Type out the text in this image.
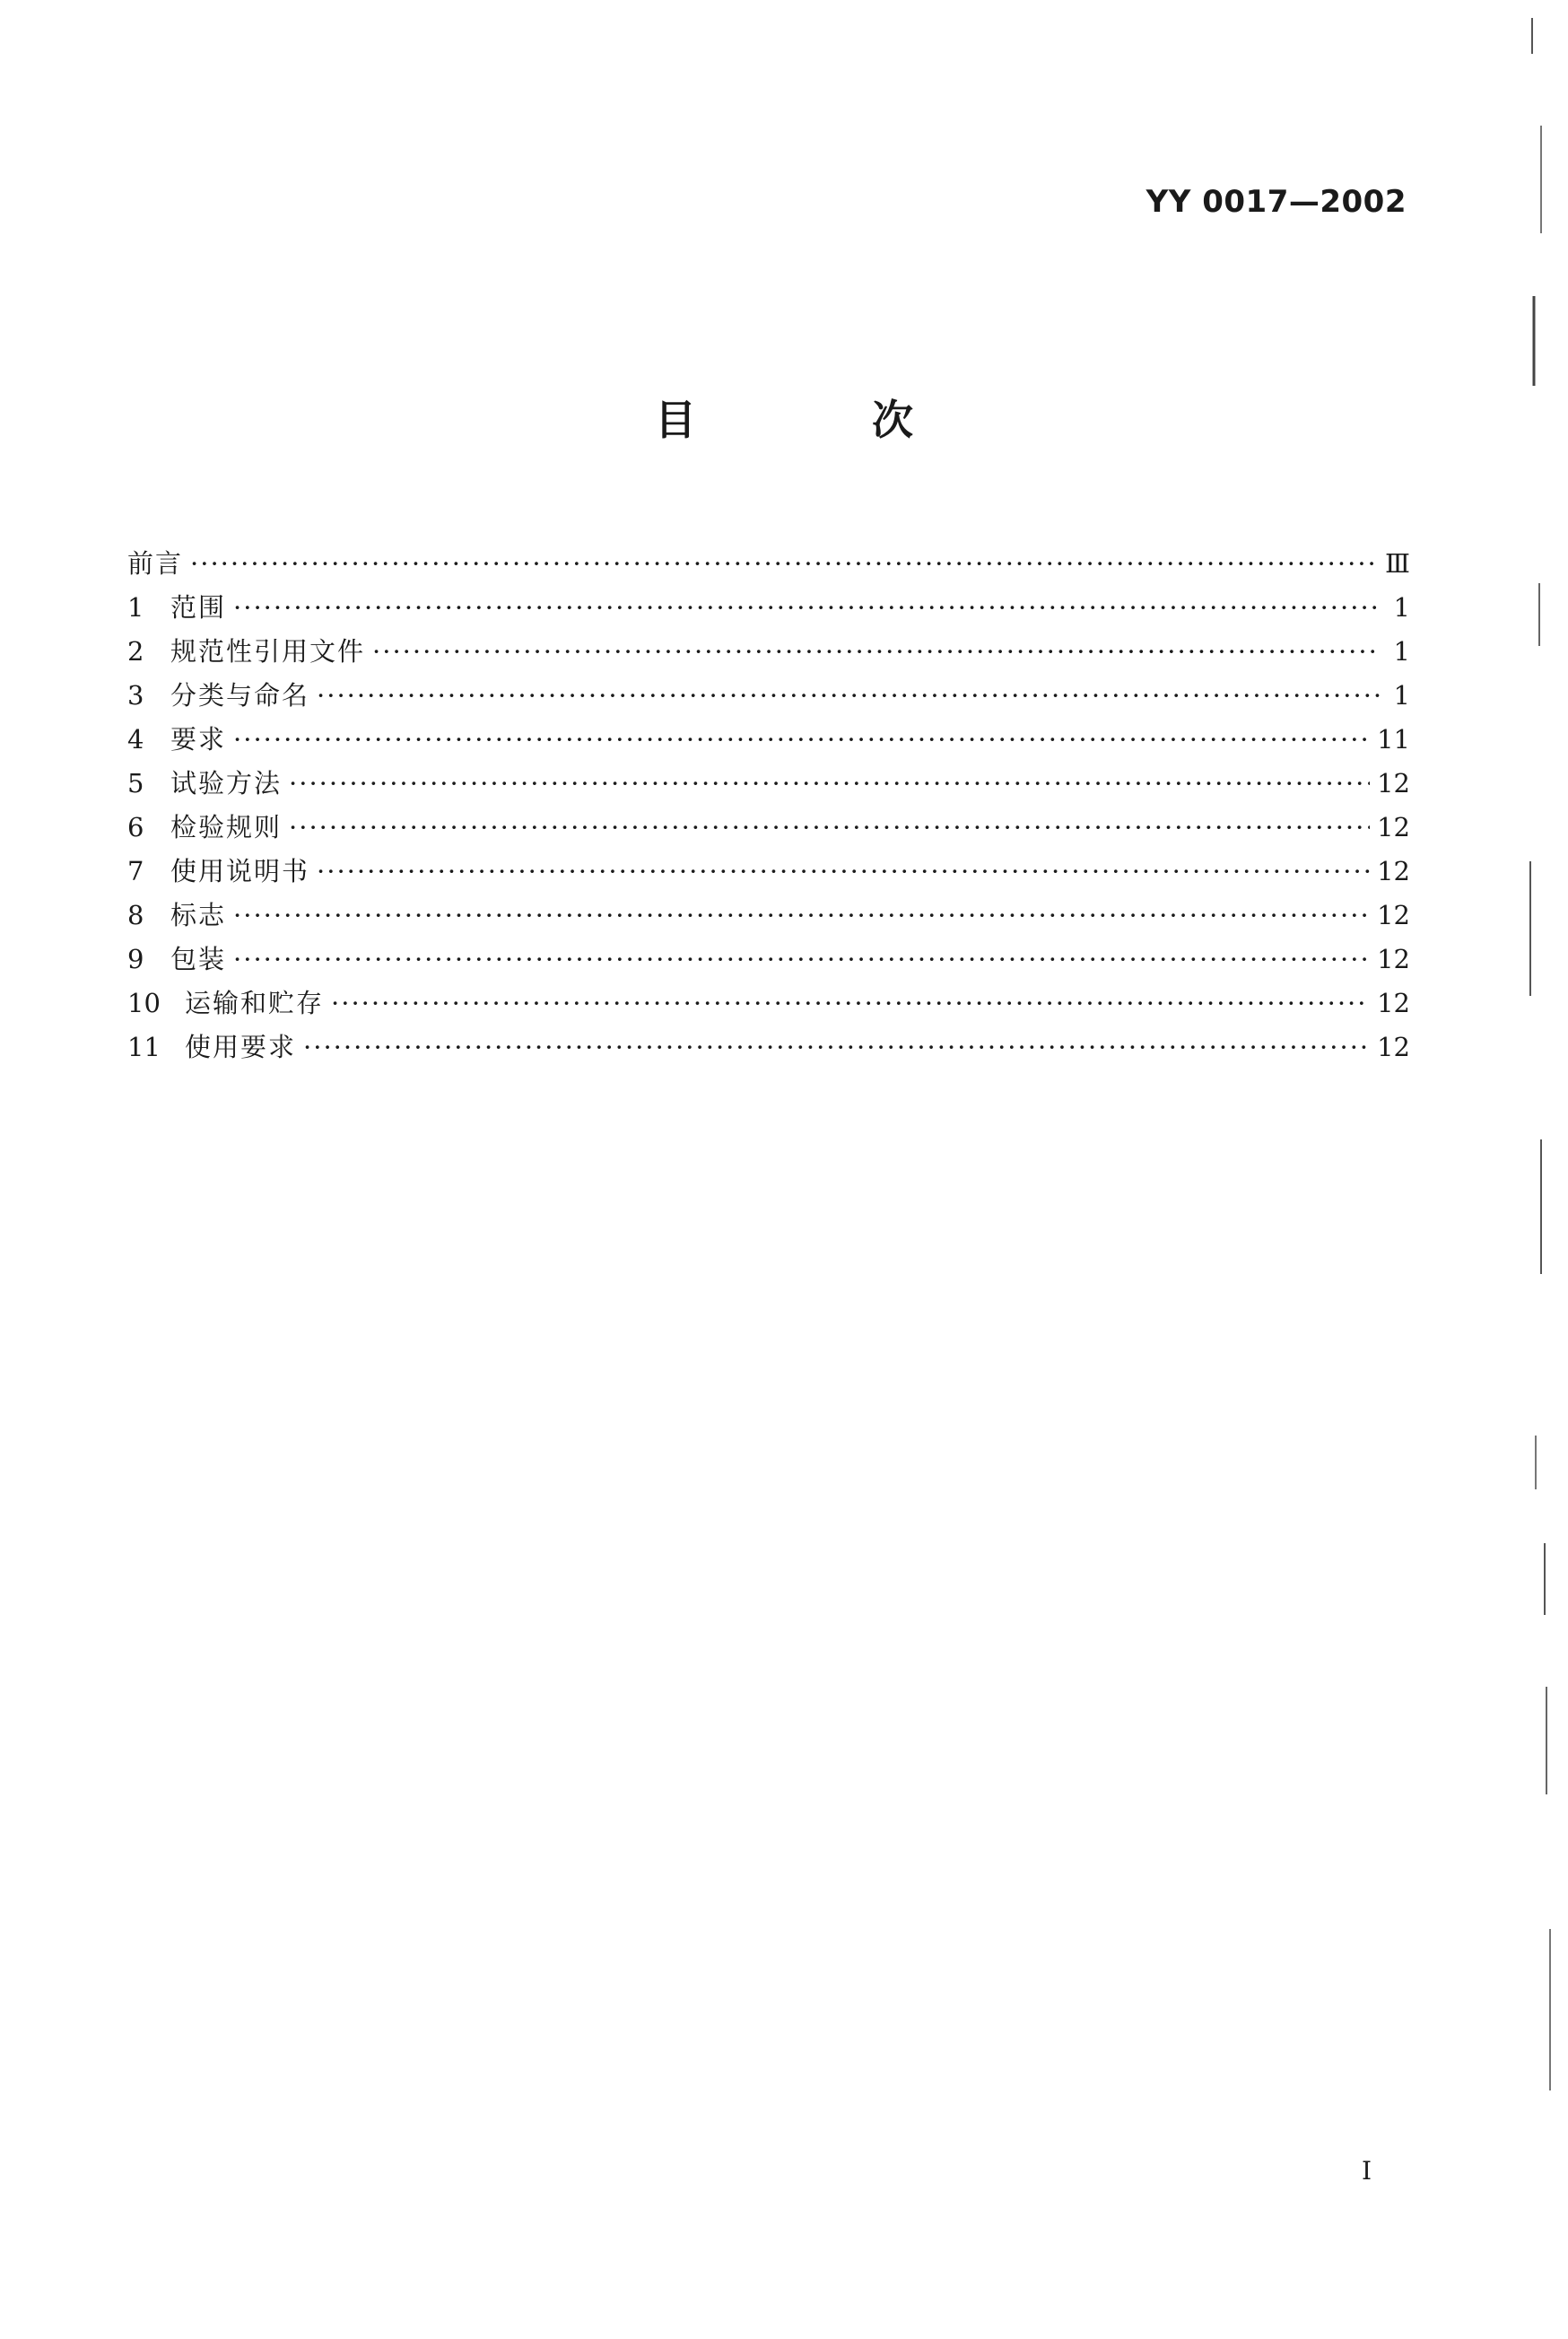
YY 0017—2002
目 次
前言 ·····	Ⅲ
1	范围 ·····	1
2	规范性引用文件 ·····	1
3	分类与命名 ·····	1
4	要求 ·····	11
5	试验方法 ·····	12
6	检验规则 ·····	12
7	使用说明书 ·····	12
8	标志 ·····	12
9	包装 ·····	12
10 运输和贮存 ·····	12
11 使用要求 ·····	12
I
